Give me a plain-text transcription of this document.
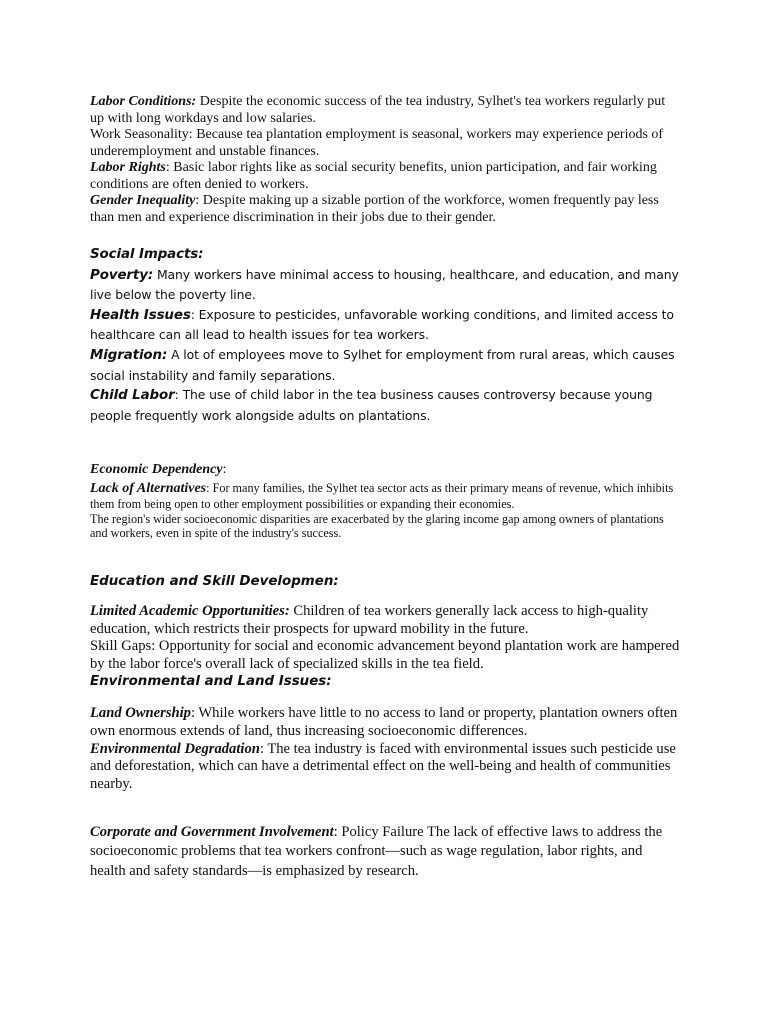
Labor Conditions: Despite the economic success of the tea industry, Sylhet's tea workers regularly put up with long workdays and low salaries.

Work Seasonality: Because tea plantation employment is seasonal, workers may experience periods of underemployment and unstable finances.

Labor Rights: Basic labor rights like as social security benefits, union participation, and fair working conditions are often denied to workers.

Gender Inequality: Despite making up a sizable portion of the workforce, women frequently pay less than men and experience discrimination in their jobs due to their gender.

Social Impacts:

Poverty: Many workers have minimal access to housing, healthcare, and education, and many live below the poverty line.

Health Issues: Exposure to pesticides, unfavorable working conditions, and limited access to healthcare can all lead to health issues for tea workers.

Migration: A lot of employees move to Sylhet for employment from rural areas, which causes social instability and family separations.

Child Labor: The use of child labor in the tea business causes controversy because young people frequently work alongside adults on plantations.

Economic Dependency:

Lack of Alternatives: For many families, the Sylhet tea sector acts as their primary means of revenue, which inhibits them from being open to other employment possibilities or expanding their economies.

The region's wider socioeconomic disparities are exacerbated by the glaring income gap among owners of plantations and workers, even in spite of the industry's success.

Education and Skill Developmen:

Limited Academic Opportunities: Children of tea workers generally lack access to high-quality education, which restricts their prospects for upward mobility in the future.

Skill Gaps: Opportunity for social and economic advancement beyond plantation work are hampered by the labor force's overall lack of specialized skills in the tea field.

Environmental and Land Issues:

Land Ownership: While workers have little to no access to land or property, plantation owners often own enormous extends of land, thus increasing socioeconomic differences.

Environmental Degradation: The tea industry is faced with environmental issues such pesticide use and deforestation, which can have a detrimental effect on the well-being and health of communities nearby.

Corporate and Government Involvement: Policy Failure The lack of effective laws to address the socioeconomic problems that tea workers confront—such as wage regulation, labor rights, and health and safety standards—is emphasized by research.
